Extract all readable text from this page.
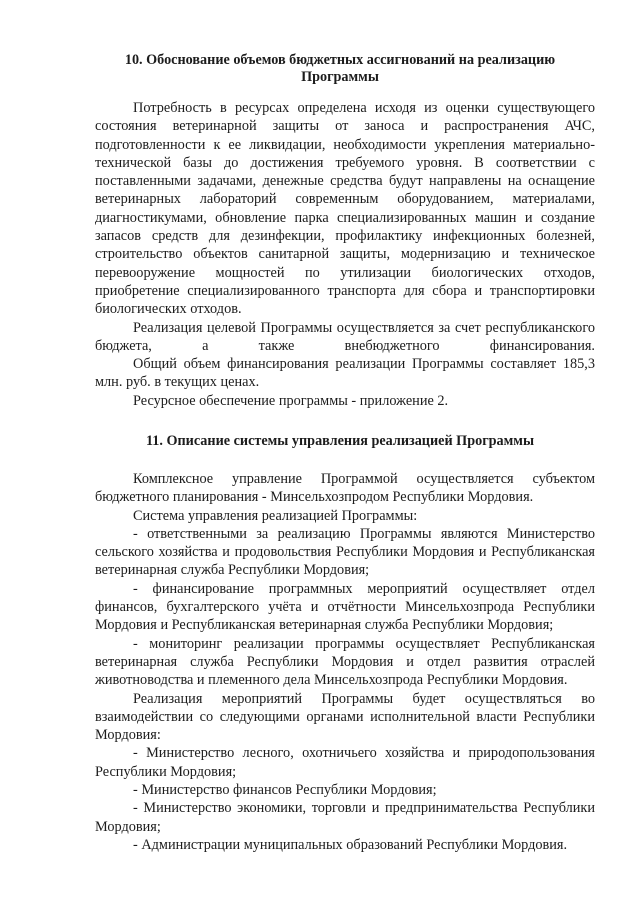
10. Обоснование объемов бюджетных ассигнований на реализацию
Программы

Потребность в ресурсах определена исходя из оценки существующего состояния ветеринарной защиты от заноса и распространения АЧС, подготовленности к ее ликвидации, необходимости укрепления материально-технической базы до достижения требуемого уровня. В соответствии с поставленными задачами, денежные средства будут направлены на оснащение ветеринарных лабораторий современным оборудованием, материалами, диагностикумами, обновление парка специализированных машин и создание запасов средств для дезинфекции, профилактику инфекционных болезней, строительство объектов санитарной защиты, модернизацию и техническое перевооружение мощностей по утилизации биологических отходов, приобретение специализированного транспорта для сбора и транспортировки биологических отходов.

Реализация целевой Программы осуществляется за счет республиканского бюджета, а также внебюджетного финансирования.

Общий объем финансирования реализации Программы составляет 185,3 млн. руб. в текущих ценах.

Ресурсное обеспечение программы - приложение 2.

11. Описание системы управления реализацией Программы

Комплексное управление Программой осуществляется субъектом бюджетного планирования - Минсельхозпродом Республики Мордовия.

Система управления реализацией Программы:

- ответственными за реализацию Программы являются Министерство сельского хозяйства и продовольствия Республики Мордовия и Республиканская ветеринарная служба Республики Мордовия;

- финансирование программных мероприятий осуществляет отдел финансов, бухгалтерского учёта и отчётности Минсельхозпрода Республики Мордовия и Республиканская ветеринарная служба Республики Мордовия;

- мониторинг реализации программы осуществляет Республиканская ветеринарная служба Республики Мордовия и отдел развития отраслей животноводства и племенного дела Минсельхозпрода Республики Мордовия.

Реализация мероприятий Программы будет осуществляться во взаимодействии со следующими органами исполнительной власти Республики Мордовия:

- Министерство лесного, охотничьего хозяйства и природопользования Республики Мордовия;

- Министерство финансов Республики Мордовия;

- Министерство экономики, торговли и предпринимательства Республики Мордовия;

- Администрации муниципальных образований Республики Мордовия.
